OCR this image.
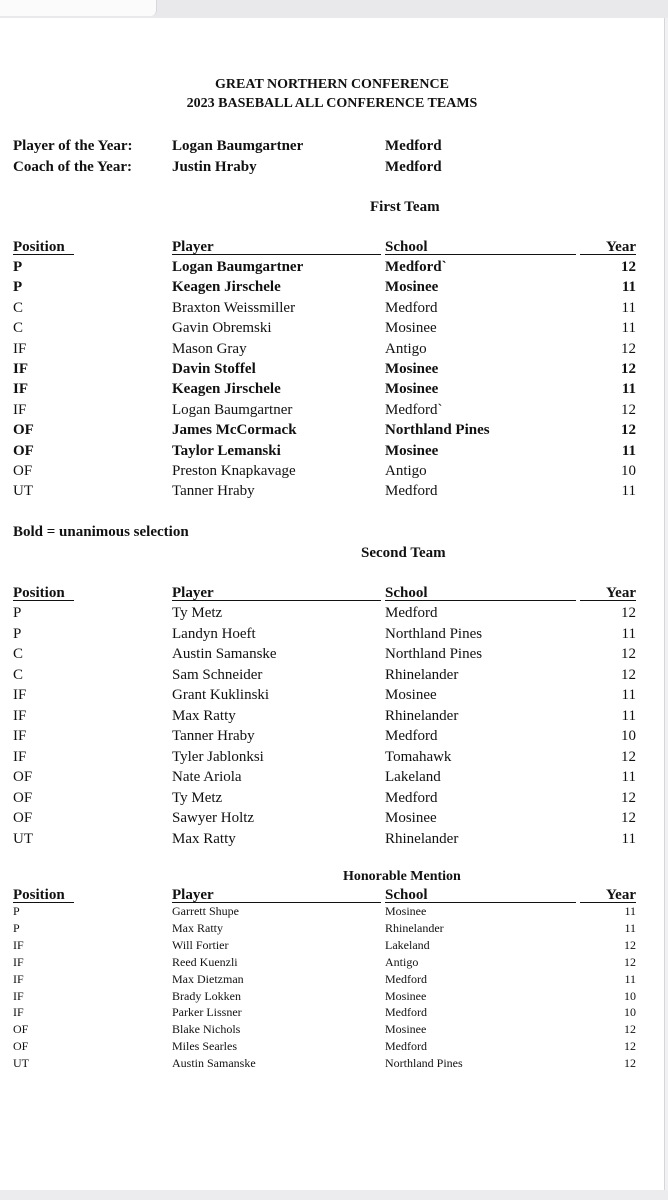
GREAT NORTHERN CONFERENCE
2023 BASEBALL ALL CONFERENCE TEAMS
Player of the Year:	Logan Baumgartner	Medford
Coach of the Year:	Justin Hraby	Medford
First Team
Position	Player	School	Year
P	Logan Baumgartner	Medford`	12
P	Keagen Jirschele	Mosinee	11
C	Braxton Weissmiller	Medford	11
C	Gavin Obremski	Mosinee	11
IF	Mason Gray	Antigo	12
IF	Davin Stoffel	Mosinee	12
IF	Keagen Jirschele	Mosinee	11
IF	Logan Baumgartner	Medford`	12
OF	James McCormack	Northland Pines	12
OF	Taylor Lemanski	Mosinee	11
OF	Preston Knapkavage	Antigo	10
UT	Tanner Hraby	Medford	11
Bold = unanimous selection
Second Team
Position	Player	School	Year
P	Ty Metz	Medford	12
P	Landyn Hoeft	Northland Pines	11
C	Austin Samanske	Northland Pines	12
C	Sam Schneider	Rhinelander	12
IF	Grant Kuklinski	Mosinee	11
IF	Max Ratty	Rhinelander	11
IF	Tanner Hraby	Medford	10
IF	Tyler Jablonksi	Tomahawk	12
OF	Nate Ariola	Lakeland	11
OF	Ty Metz	Medford	12
OF	Sawyer Holtz	Mosinee	12
UT	Max Ratty	Rhinelander	11
Honorable Mention
Position	Player	School	Year
P	Garrett Shupe	Mosinee	11
P	Max Ratty	Rhinelander	11
IF	Will Fortier	Lakeland	12
IF	Reed Kuenzli	Antigo	12
IF	Max Dietzman	Medford	11
IF	Brady Lokken	Mosinee	10
IF	Parker Lissner	Medford	10
OF	Blake Nichols	Mosinee	12
OF	Miles Searles	Medford	12
UT	Austin Samanske	Northland Pines	12
